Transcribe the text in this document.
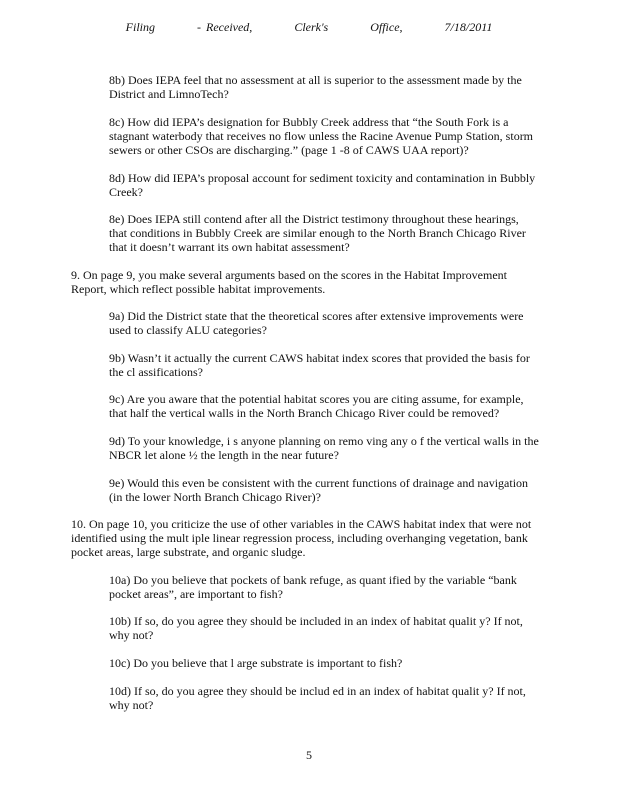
Filing	- Received,	Clerk's	Office,	7/18/2011

8b) Does IEPA feel that no assessment at all is superior to the assessment made by the District and LimnoTech?

8c) How did IEPA’s designation for Bubbly Creek address that “the South Fork is a stagnant waterbody that receives no flow unless the Racine Avenue Pump Station, storm sewers or other CSOs are discharging.” (page 1 -8 of CAWS UAA report)?

8d) How did IEPA’s proposal account for sediment toxicity and contamination in Bubbly Creek?

8e) Does IEPA still contend after all the District testimony throughout these hearings, that conditions in Bubbly Creek are similar enough to the North Branch Chicago River that it doesn’t warrant its own habitat assessment?

9. On page 9, you make several arguments based on the scores in the Habitat Improvement Report, which reflect possible habitat improvements.

9a) Did the District state that the theoretical scores after extensive improvements were used to classify ALU categories?

9b) Wasn’t it actually the current CAWS habitat index scores that provided the basis for the cl assifications?

9c) Are you aware that the potential habitat scores you are citing assume, for example, that half the vertical walls in the North Branch Chicago River could be removed?

9d) To your knowledge, i s anyone planning on remo ving any o f the vertical walls in the NBCR let alone ½ the length in the near future?

9e) Would this even be consistent with the current functions of drainage and navigation (in the lower North Branch Chicago River)?

10. On page 10, you criticize the use of other variables in the CAWS habitat index that were not identified using the mult iple linear regression process, including overhanging vegetation, bank pocket areas, large substrate, and organic sludge.

10a) Do you believe that pockets of bank refuge, as quant ified by the variable “bank pocket areas”, are important to fish?

10b) If so, do you agree they should be included in an index of habitat qualit y? If not, why not?

10c) Do you believe that l arge substrate is important to fish?

10d) If so, do you agree they should be includ ed in an index of habitat qualit y? If not, why not?

5
